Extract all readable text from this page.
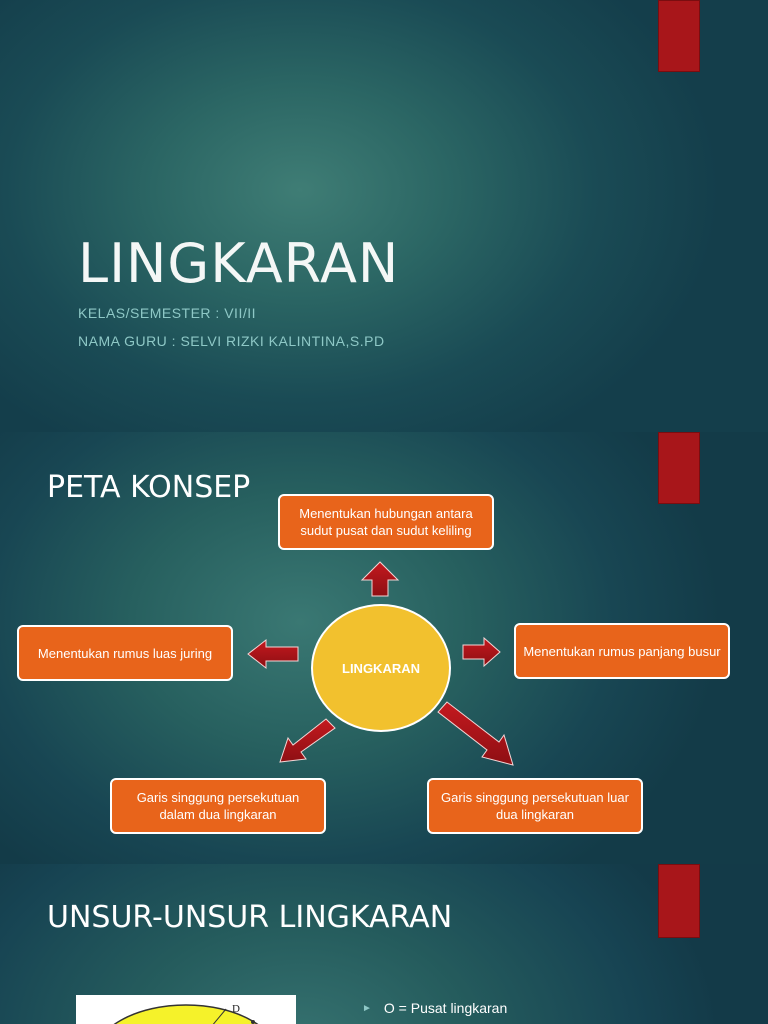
LINGKARAN
KELAS/SEMESTER : VII/II
NAMA GURU : SELVI RIZKI KALINTINA,S.PD
PETA KONSEP
Menentukan hubungan antara sudut pusat dan sudut keliling
Menentukan rumus luas juring	Menentukan rumus panjang busur
Garis singgung persekutuan dalam dua lingkaran
Garis singgung persekutuan luar dua lingkaran
LINGKARAN
UNSUR-UNSUR LINGKARAN
D	► O = Pusat lingkaran
